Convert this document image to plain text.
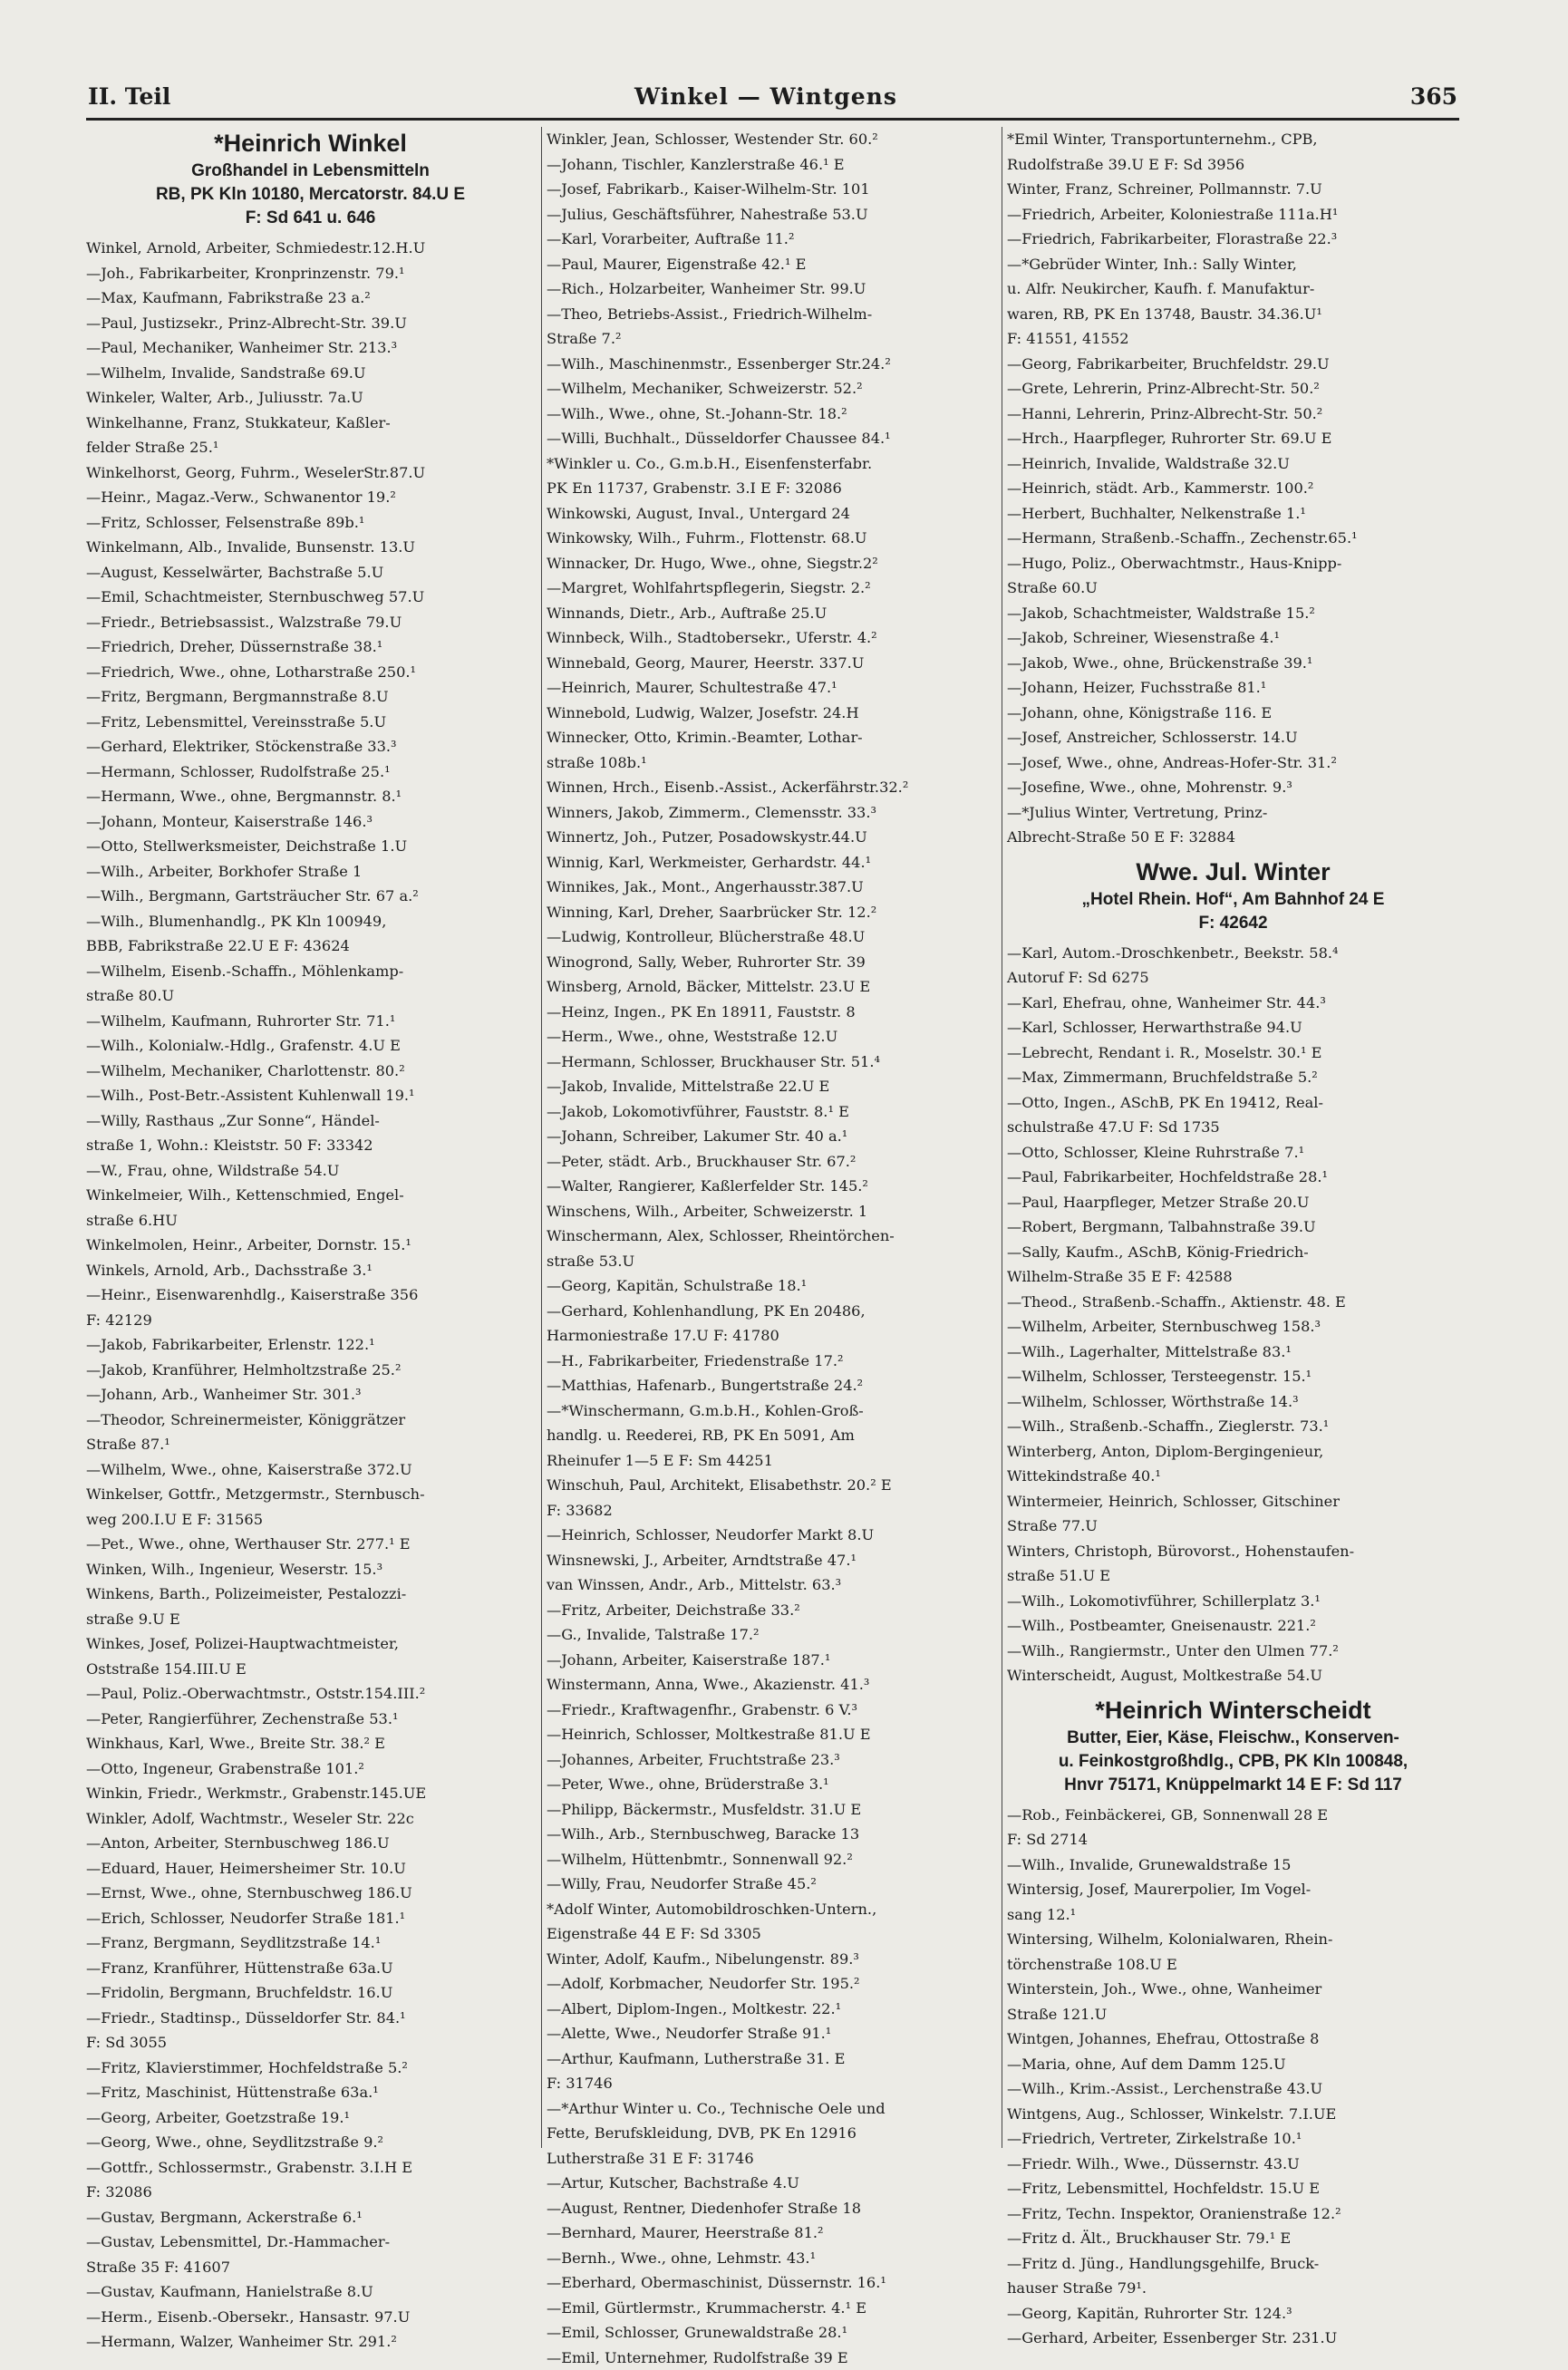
II. Teil	Winkel — Wintgens	365
*Heinrich Winkel
Großhandel in Lebensmitteln
RB, PK Kln 10180, Mercatorstr. 84.U E
F: Sd 641 u. 646
Winkel, Arnold, Arbeiter, Schmiedestr.12.H.U
—Joh., Fabrikarbeiter, Kronprinzenstr. 79.¹
—Max, Kaufmann, Fabrikstraße 23 a.²
—Paul, Justizsekr., Prinz-Albrecht-Str. 39.U
—Paul, Mechaniker, Wanheimer Str. 213.³
—Wilhelm, Invalide, Sandstraße 69.U
Winkeler, Walter, Arb., Juliusstr. 7a.U
Winkelhanne, Franz, Stukkateur, Kaßler-
felder Straße 25.¹
Winkelhorst, Georg, Fuhrm., WeselerStr.87.U
—Heinr., Magaz.-Verw., Schwanentor 19.²
—Fritz, Schlosser, Felsenstraße 89b.¹
Winkelmann, Alb., Invalide, Bunsenstr. 13.U
—August, Kesselwärter, Bachstraße 5.U
—Emil, Schachtmeister, Sternbuschweg 57.U
—Friedr., Betriebsassist., Walzstraße 79.U
—Friedrich, Dreher, Düssernstraße 38.¹
—Friedrich, Wwe., ohne, Lotharstraße 250.¹
—Fritz, Bergmann, Bergmannstraße 8.U
—Fritz, Lebensmittel, Vereinsstraße 5.U
—Gerhard, Elektriker, Stöckenstraße 33.³
—Hermann, Schlosser, Rudolfstraße 25.¹
—Hermann, Wwe., ohne, Bergmannstr. 8.¹
—Johann, Monteur, Kaiserstraße 146.³
—Otto, Stellwerksmeister, Deichstraße 1.U
—Wilh., Arbeiter, Borkhofer Straße 1
—Wilh., Bergmann, Gartsträucher Str. 67 a.²
—Wilh., Blumenhandlg., PK Kln 100949,
BBB, Fabrikstraße 22.U E F: 43624
—Wilhelm, Eisenb.-Schaffn., Möhlenkamp-
straße 80.U
—Wilhelm, Kaufmann, Ruhrorter Str. 71.¹
—Wilh., Kolonialw.-Hdlg., Grafenstr. 4.U E
—Wilhelm, Mechaniker, Charlottenstr. 80.²
—Wilh., Post-Betr.-Assistent Kuhlenwall 19.¹
—Willy, Rasthaus „Zur Sonne“, Händel-
straße 1, Wohn.: Kleiststr. 50 F: 33342
—W., Frau, ohne, Wildstraße 54.U
Winkelmeier, Wilh., Kettenschmied, Engel-
straße 6.HU
Winkelmolen, Heinr., Arbeiter, Dornstr. 15.¹
Winkels, Arnold, Arb., Dachsstraße 3.¹
—Heinr., Eisenwarenhdlg., Kaiserstraße 356
F: 42129
—Jakob, Fabrikarbeiter, Erlenstr. 122.¹
—Jakob, Kranführer, Helmholtzstraße 25.²
—Johann, Arb., Wanheimer Str. 301.³
—Theodor, Schreinermeister, Königgrätzer
Straße 87.¹
—Wilhelm, Wwe., ohne, Kaiserstraße 372.U
Winkelser, Gottfr., Metzgermstr., Sternbusch-
weg 200.I.U E F: 31565
—Pet., Wwe., ohne, Werthauser Str. 277.¹ E
Winken, Wilh., Ingenieur, Weserstr. 15.³
Winkens, Barth., Polizeimeister, Pestalozzi-
straße 9.U E
Winkes, Josef, Polizei-Hauptwachtmeister,
Oststraße 154.III.U E
—Paul, Poliz.-Oberwachtmstr., Oststr.154.III.²
—Peter, Rangierführer, Zechenstraße 53.¹
Winkhaus, Karl, Wwe., Breite Str. 38.² E
—Otto, Ingeneur, Grabenstraße 101.²
Winkin, Friedr., Werkmstr., Grabenstr.145.UE
Winkler, Adolf, Wachtmstr., Weseler Str. 22c
—Anton, Arbeiter, Sternbuschweg 186.U
—Eduard, Hauer, Heimersheimer Str. 10.U
—Ernst, Wwe., ohne, Sternbuschweg 186.U
—Erich, Schlosser, Neudorfer Straße 181.¹
—Franz, Bergmann, Seydlitzstraße 14.¹
—Franz, Kranführer, Hüttenstraße 63a.U
—Fridolin, Bergmann, Bruchfeldstr. 16.U
—Friedr., Stadtinsp., Düsseldorfer Str. 84.¹
F: Sd 3055
—Fritz, Klavierstimmer, Hochfeldstraße 5.²
—Fritz, Maschinist, Hüttenstraße 63a.¹
—Georg, Arbeiter, Goetzstraße 19.¹
—Georg, Wwe., ohne, Seydlitzstraße 9.²
—Gottfr., Schlossermstr., Grabenstr. 3.I.H E
F: 32086
—Gustav, Bergmann, Ackerstraße 6.¹
—Gustav, Lebensmittel, Dr.-Hammacher-
Straße 35 F: 41607
—Gustav, Kaufmann, Hanielstraße 8.U
—Herm., Eisenb.-Obersekr., Hansastr. 97.U
—Hermann, Walzer, Wanheimer Str. 291.²
Winkler, Jean, Schlosser, Westender Str. 60.²
—Johann, Tischler, Kanzlerstraße 46.¹ E
—Josef, Fabrikarb., Kaiser-Wilhelm-Str. 101
—Julius, Geschäftsführer, Nahestraße 53.U
—Karl, Vorarbeiter, Auftraße 11.²
—Paul, Maurer, Eigenstraße 42.¹ E
—Rich., Holzarbeiter, Wanheimer Str. 99.U
—Theo, Betriebs-Assist., Friedrich-Wilhelm-
Straße 7.²
—Wilh., Maschinenmstr., Essenberger Str.24.²
—Wilhelm, Mechaniker, Schweizerstr. 52.²
—Wilh., Wwe., ohne, St.-Johann-Str. 18.²
—Willi, Buchhalt., Düsseldorfer Chaussee 84.¹
*Winkler u. Co., G.m.b.H., Eisenfensterfabr.
PK En 11737, Grabenstr. 3.I E F: 32086
Winkowski, August, Inval., Untergard 24
Winkowsky, Wilh., Fuhrm., Flottenstr. 68.U
Winnacker, Dr. Hugo, Wwe., ohne, Siegstr.2²
—Margret, Wohlfahrtspflegerin, Siegstr. 2.²
Winnands, Dietr., Arb., Auftraße 25.U
Winnbeck, Wilh., Stadtobersekr., Uferstr. 4.²
Winnebald, Georg, Maurer, Heerstr. 337.U
—Heinrich, Maurer, Schultestraße 47.¹
Winnebold, Ludwig, Walzer, Josefstr. 24.H
Winnecker, Otto, Krimin.-Beamter, Lothar-
straße 108b.¹
Winnen, Hrch., Eisenb.-Assist., Ackerfährstr.32.²
Winners, Jakob, Zimmerm., Clemensstr. 33.³
Winnertz, Joh., Putzer, Posadowskystr.44.U
Winnig, Karl, Werkmeister, Gerhardstr. 44.¹
Winnikes, Jak., Mont., Angerhausstr.387.U
Winning, Karl, Dreher, Saarbrücker Str. 12.²
—Ludwig, Kontrolleur, Blücherstraße 48.U
Winogrond, Sally, Weber, Ruhrorter Str. 39
Winsberg, Arnold, Bäcker, Mittelstr. 23.U E
—Heinz, Ingen., PK En 18911, Fauststr. 8
—Herm., Wwe., ohne, Weststraße 12.U
—Hermann, Schlosser, Bruckhauser Str. 51.⁴
—Jakob, Invalide, Mittelstraße 22.U E
—Jakob, Lokomotivführer, Fauststr. 8.¹ E
—Johann, Schreiber, Lakumer Str. 40 a.¹
—Peter, städt. Arb., Bruckhauser Str. 67.²
—Walter, Rangierer, Kaßlerfelder Str. 145.²
Winschens, Wilh., Arbeiter, Schweizerstr. 1
Winschermann, Alex, Schlosser, Rheintörchen-
straße 53.U
—Georg, Kapitän, Schulstraße 18.¹
—Gerhard, Kohlenhandlung, PK En 20486,
Harmoniestraße 17.U F: 41780
—H., Fabrikarbeiter, Friedenstraße 17.²
—Matthias, Hafenarb., Bungertstraße 24.²
—*Winschermann, G.m.b.H., Kohlen-Groß-
handlg. u. Reederei, RB, PK En 5091, Am
Rheinufer 1—5 E F: Sm 44251
Winschuh, Paul, Architekt, Elisabethstr. 20.² E
F: 33682
—Heinrich, Schlosser, Neudorfer Markt 8.U
Winsnewski, J., Arbeiter, Arndtstraße 47.¹
van Winssen, Andr., Arb., Mittelstr. 63.³
—Fritz, Arbeiter, Deichstraße 33.²
—G., Invalide, Talstraße 17.²
—Johann, Arbeiter, Kaiserstraße 187.¹
Winstermann, Anna, Wwe., Akazienstr. 41.³
—Friedr., Kraftwagenfhr., Grabenstr. 6 V.³
—Heinrich, Schlosser, Moltkestraße 81.U E
—Johannes, Arbeiter, Fruchtstraße 23.³
—Peter, Wwe., ohne, Brüderstraße 3.¹
—Philipp, Bäckermstr., Musfeldstr. 31.U E
—Wilh., Arb., Sternbuschweg, Baracke 13
—Wilhelm, Hüttenbmtr., Sonnenwall 92.²
—Willy, Frau, Neudorfer Straße 45.²
*Adolf Winter, Automobildroschken-Untern.,
Eigenstraße 44 E F: Sd 3305
Winter, Adolf, Kaufm., Nibelungenstr. 89.³
—Adolf, Korbmacher, Neudorfer Str. 195.²
—Albert, Diplom-Ingen., Moltkestr. 22.¹
—Alette, Wwe., Neudorfer Straße 91.¹
—Arthur, Kaufmann, Lutherstraße 31. E
F: 31746
—*Arthur Winter u. Co., Technische Oele und
Fette, Berufskleidung, DVB, PK En 12916
Lutherstraße 31 E F: 31746
—Artur, Kutscher, Bachstraße 4.U
—August, Rentner, Diedenhofer Straße 18
—Bernhard, Maurer, Heerstraße 81.²
—Bernh., Wwe., ohne, Lehmstr. 43.¹
—Eberhard, Obermaschinist, Düssernstr. 16.¹
—Emil, Gürtlermstr., Krummacherstr. 4.¹ E
—Emil, Schlosser, Grunewaldstraße 28.¹
—Emil, Unternehmer, Rudolfstraße 39 E
*Emil Winter, Transportunternehm., CPB,
Rudolfstraße 39.U E F: Sd 3956
Winter, Franz, Schreiner, Pollmannstr. 7.U
—Friedrich, Arbeiter, Koloniestraße 111a.H¹
—Friedrich, Fabrikarbeiter, Florastraße 22.³
—*Gebrüder Winter, Inh.: Sally Winter,
u. Alfr. Neukircher, Kaufh. f. Manufaktur-
waren, RB, PK En 13748, Baustr. 34.36.U¹
F: 41551, 41552
—Georg, Fabrikarbeiter, Bruchfeldstr. 29.U
—Grete, Lehrerin, Prinz-Albrecht-Str. 50.²
—Hanni, Lehrerin, Prinz-Albrecht-Str. 50.²
—Hrch., Haarpfleger, Ruhrorter Str. 69.U E
—Heinrich, Invalide, Waldstraße 32.U
—Heinrich, städt. Arb., Kammerstr. 100.²
—Herbert, Buchhalter, Nelkenstraße 1.¹
—Hermann, Straßenb.-Schaffn., Zechenstr.65.¹
—Hugo, Poliz., Oberwachtmstr., Haus-Knipp-
Straße 60.U
—Jakob, Schachtmeister, Waldstraße 15.²
—Jakob, Schreiner, Wiesenstraße 4.¹
—Jakob, Wwe., ohne, Brückenstraße 39.¹
—Johann, Heizer, Fuchsstraße 81.¹
—Johann, ohne, Königstraße 116. E
—Josef, Anstreicher, Schlosserstr. 14.U
—Josef, Wwe., ohne, Andreas-Hofer-Str. 31.²
—Josefine, Wwe., ohne, Mohrenstr. 9.³
—*Julius Winter, Vertretung, Prinz-
Albrecht-Straße 50 E F: 32884
Wwe. Jul. Winter
„Hotel Rhein. Hof“, Am Bahnhof 24 E
F: 42642
—Karl, Autom.-Droschkenbetr., Beekstr. 58.⁴
Autoruf F: Sd 6275
—Karl, Ehefrau, ohne, Wanheimer Str. 44.³
—Karl, Schlosser, Herwarthstraße 94.U
—Lebrecht, Rendant i. R., Moselstr. 30.¹ E
—Max, Zimmermann, Bruchfeldstraße 5.²
—Otto, Ingen., ASchB, PK En 19412, Real-
schulstraße 47.U F: Sd 1735
—Otto, Schlosser, Kleine Ruhrstraße 7.¹
—Paul, Fabrikarbeiter, Hochfeldstraße 28.¹
—Paul, Haarpfleger, Metzer Straße 20.U
—Robert, Bergmann, Talbahnstraße 39.U
—Sally, Kaufm., ASchB, König-Friedrich-
Wilhelm-Straße 35 E F: 42588
—Theod., Straßenb.-Schaffn., Aktienstr. 48. E
—Wilhelm, Arbeiter, Sternbuschweg 158.³
—Wilh., Lagerhalter, Mittelstraße 83.¹
—Wilhelm, Schlosser, Tersteegenstr. 15.¹
—Wilhelm, Schlosser, Wörthstraße 14.³
—Wilh., Straßenb.-Schaffn., Zieglerstr. 73.¹
Winterberg, Anton, Diplom-Bergingenieur,
Wittekindstraße 40.¹
Wintermeier, Heinrich, Schlosser, Gitschiner
Straße 77.U
Winters, Christoph, Bürovorst., Hohenstaufen-
straße 51.U E
—Wilh., Lokomotivführer, Schillerplatz 3.¹
—Wilh., Postbeamter, Gneisenaustr. 221.²
—Wilh., Rangiermstr., Unter den Ulmen 77.²
Winterscheidt, August, Moltkestraße 54.U
*Heinrich Winterscheidt
Butter, Eier, Käse, Fleischw., Konserven-
u. Feinkostgroßhdlg., CPB, PK Kln 100848,
Hnvr 75171, Knüppelmarkt 14 E F: Sd 117
—Rob., Feinbäckerei, GB, Sonnenwall 28 E
F: Sd 2714
—Wilh., Invalide, Grunewaldstraße 15
Wintersig, Josef, Maurerpolier, Im Vogel-
sang 12.¹
Wintersing, Wilhelm, Kolonialwaren, Rhein-
törchenstraße 108.U E
Winterstein, Joh., Wwe., ohne, Wanheimer
Straße 121.U
Wintgen, Johannes, Ehefrau, Ottostraße 8
—Maria, ohne, Auf dem Damm 125.U
—Wilh., Krim.-Assist., Lerchenstraße 43.U
Wintgens, Aug., Schlosser, Winkelstr. 7.I.UE
—Friedrich, Vertreter, Zirkelstraße 10.¹
—Friedr. Wilh., Wwe., Düssernstr. 43.U
—Fritz, Lebensmittel, Hochfeldstr. 15.U E
—Fritz, Techn. Inspektor, Oranienstraße 12.²
—Fritz d. Ält., Bruckhauser Str. 79.¹ E
—Fritz d. Jüng., Handlungsgehilfe, Bruck-
hauser Straße 79¹.
—Georg, Kapitän, Ruhrorter Str. 124.³
—Gerhard, Arbeiter, Essenberger Str. 231.U
